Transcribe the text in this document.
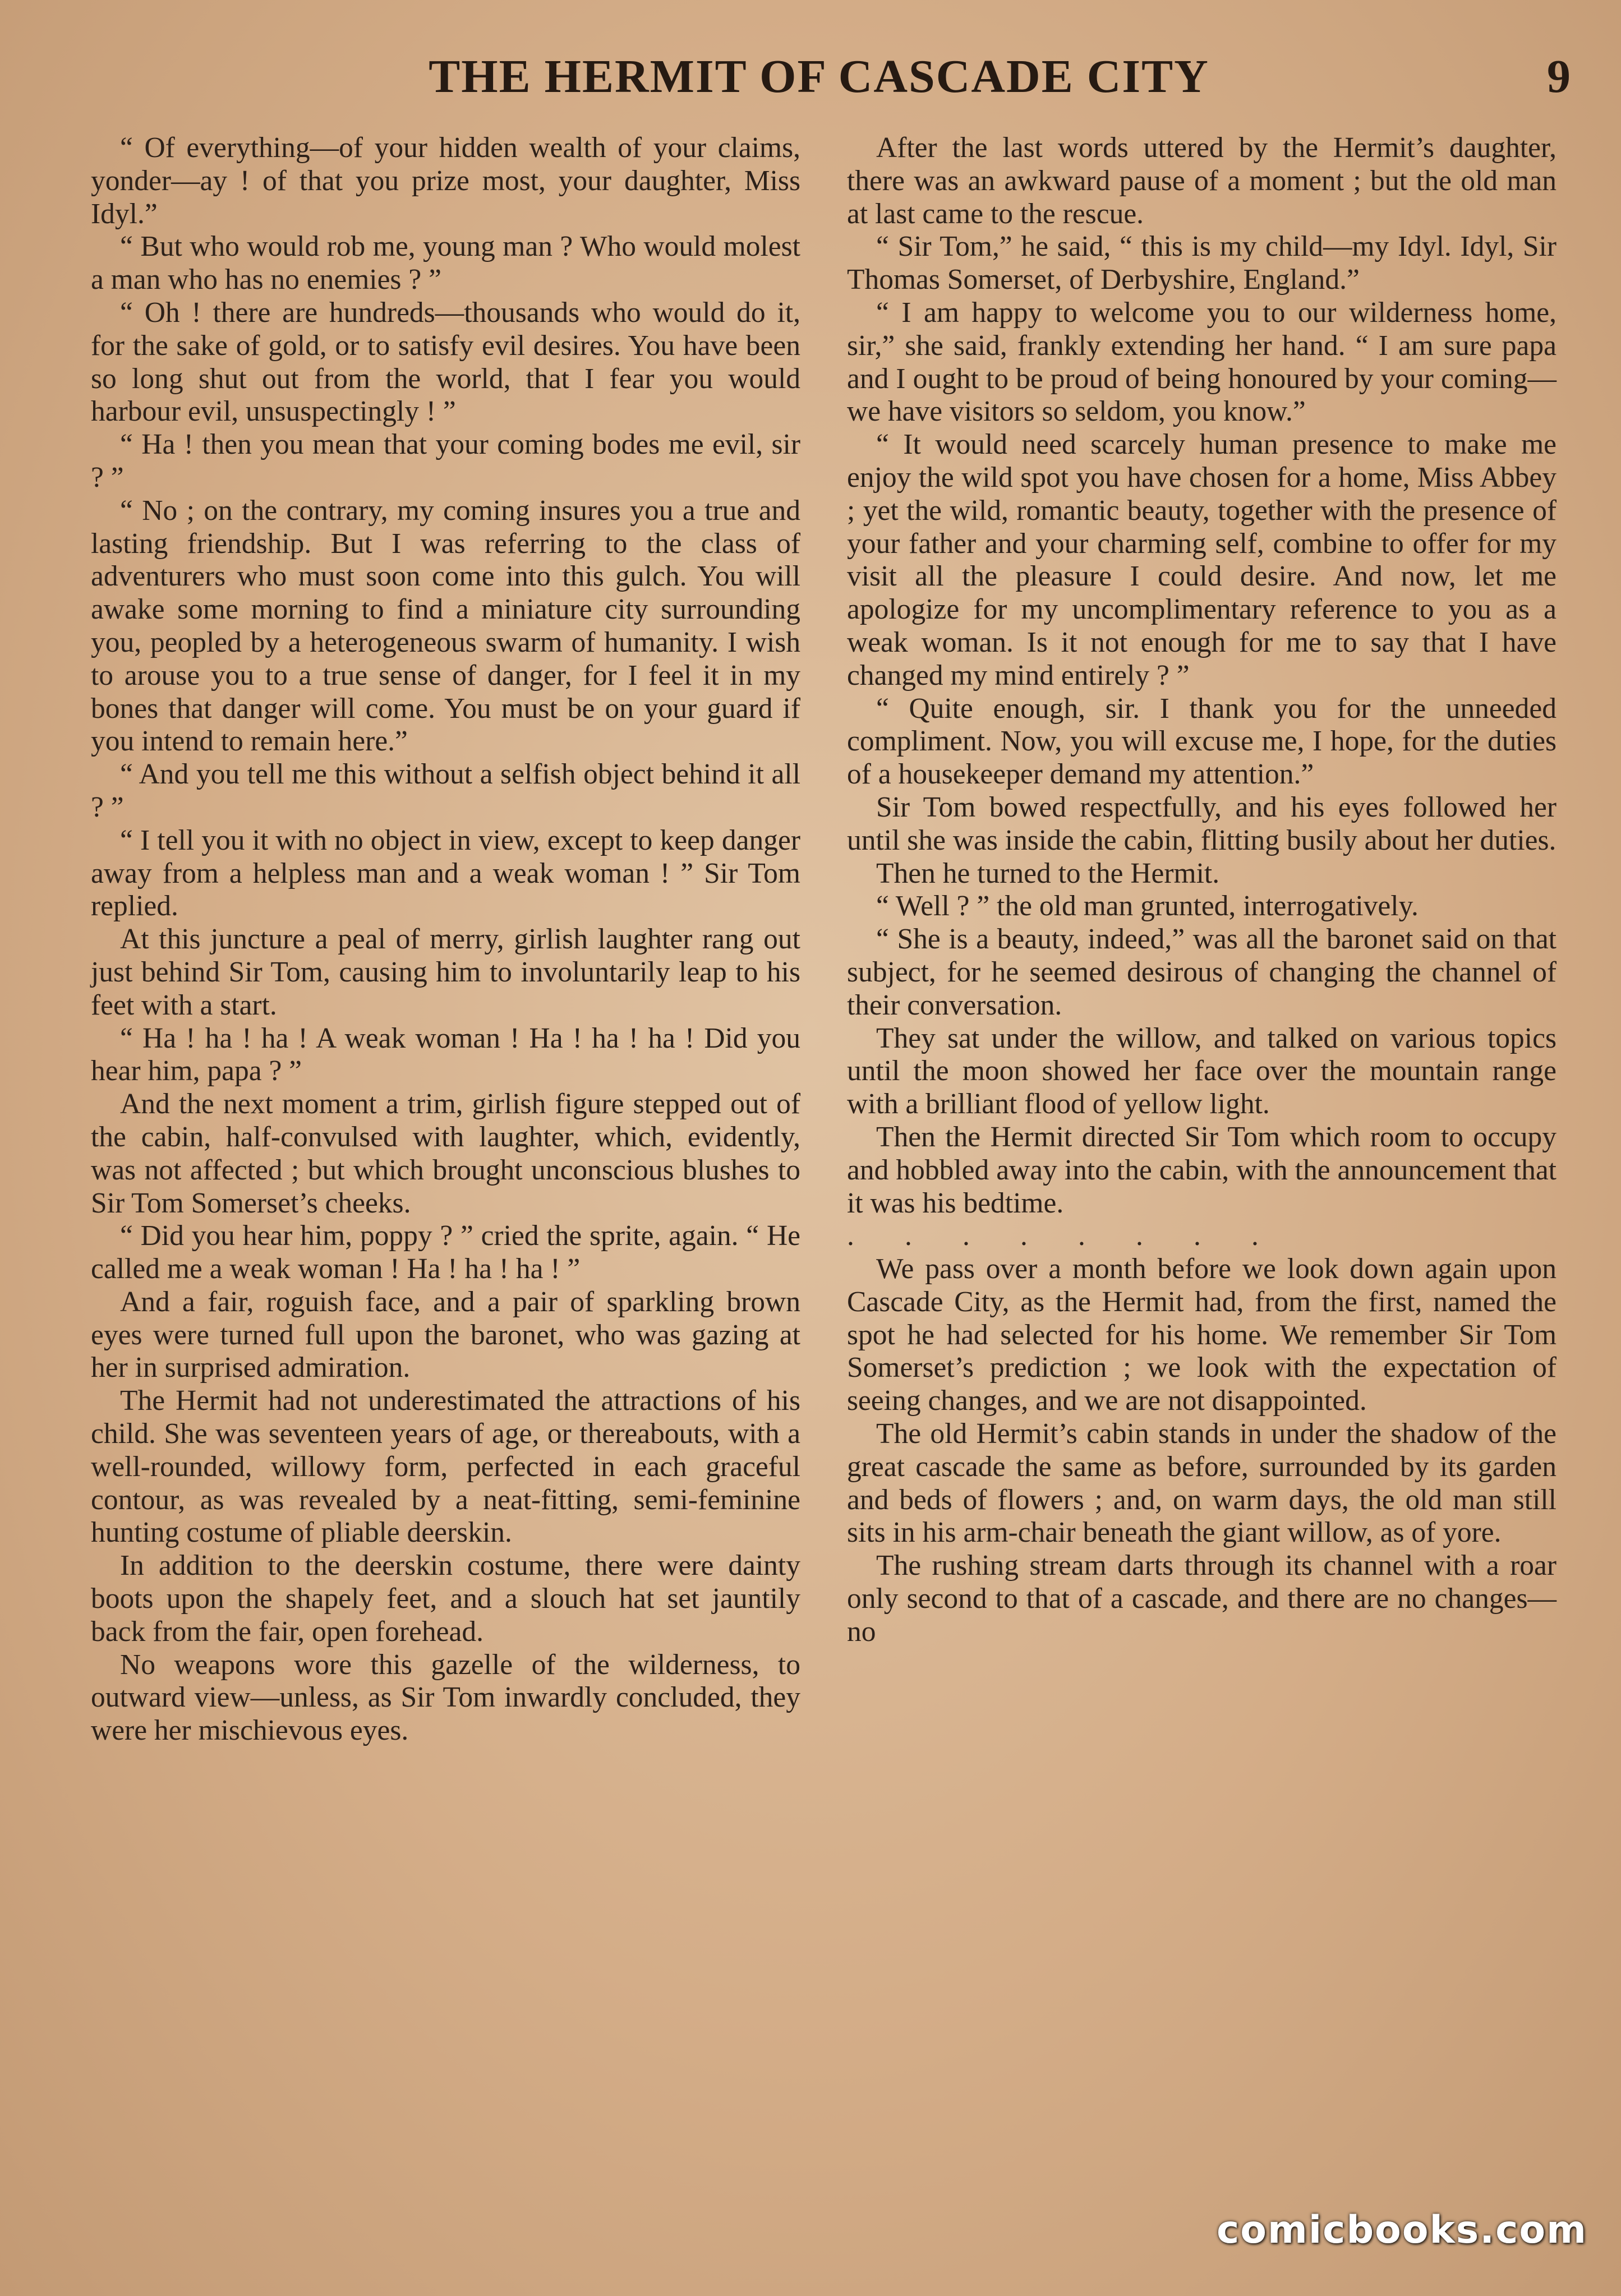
THE HERMIT OF CASCADE CITY	9

“ Of everything—of your hidden wealth of your claims, yonder—ay ! of that you prize most, your daughter, Miss Idyl.”

“ But who would rob me, young man ? Who would molest a man who has no enemies ? ”

“ Oh ! there are hundreds—thousands who would do it, for the sake of gold, or to satisfy evil desires. You have been so long shut out from the world, that I fear you would harbour evil, unsuspectingly ! ”

“ Ha ! then you mean that your coming bodes me evil, sir ? ”

“ No ; on the contrary, my coming insures you a true and lasting friendship. But I was referring to the class of adventurers who must soon come into this gulch. You will awake some morning to find a miniature city surrounding you, peopled by a heterogeneous swarm of humanity. I wish to arouse you to a true sense of danger, for I feel it in my bones that danger will come. You must be on your guard if you intend to remain here.”

“ And you tell me this without a selfish object behind it all ? ”

“ I tell you it with no object in view, except to keep danger away from a helpless man and a weak woman ! ” Sir Tom replied.

At this juncture a peal of merry, girlish laughter rang out just behind Sir Tom, causing him to involuntarily leap to his feet with a start.

“ Ha ! ha ! ha ! A weak woman ! Ha ! ha ! ha ! Did you hear him, papa ? ”

And the next moment a trim, girlish figure stepped out of the cabin, half-convulsed with laughter, which, evidently, was not affected ; but which brought unconscious blushes to Sir Tom Somerset’s cheeks.

“ Did you hear him, poppy ? ” cried the sprite, again. “ He called me a weak woman ! Ha ! ha ! ha ! ”

And a fair, roguish face, and a pair of sparkling brown eyes were turned full upon the baronet, who was gazing at her in surprised admiration.

The Hermit had not underestimated the attractions of his child. She was seventeen years of age, or thereabouts, with a well-rounded, willowy form, perfected in each graceful contour, as was revealed by a neat-fitting, semi-feminine hunting costume of pliable deerskin.

In addition to the deerskin costume, there were dainty boots upon the shapely feet, and a slouch hat set jauntily back from the fair, open forehead.

No weapons wore this gazelle of the wilderness, to outward view—unless, as Sir Tom inwardly concluded, they were her mischievous eyes.

After the last words uttered by the Hermit’s daughter, there was an awkward pause of a moment ; but the old man at last came to the rescue.

“ Sir Tom,” he said, “ this is my child—my Idyl. Idyl, Sir Thomas Somerset, of Derbyshire, England.”

“ I am happy to welcome you to our wilderness home, sir,” she said, frankly extending her hand. “ I am sure papa and I ought to be proud of being honoured by your coming—we have visitors so seldom, you know.”

“ It would need scarcely human presence to make me enjoy the wild spot you have chosen for a home, Miss Abbey ; yet the wild, romantic beauty, together with the presence of your father and your charming self, combine to offer for my visit all the pleasure I could desire. And now, let me apologize for my uncomplimentary reference to you as a weak woman. Is it not enough for me to say that I have changed my mind entirely ? ”

“ Quite enough, sir. I thank you for the unneeded compliment. Now, you will excuse me, I hope, for the duties of a housekeeper demand my attention.”

Sir Tom bowed respectfully, and his eyes followed her until she was inside the cabin, flitting busily about her duties.

Then he turned to the Hermit.

“ Well ? ” the old man grunted, interrogatively.

“ She is a beauty, indeed,” was all the baronet said on that subject, for he seemed desirous of changing the channel of their conversation.

They sat under the willow, and talked on various topics until the moon showed her face over the mountain range with a brilliant flood of yellow light.

Then the Hermit directed Sir Tom which room to occupy and hobbled away into the cabin, with the announcement that it was his bedtime.

.       .       .       .       .       .       .       .

We pass over a month before we look down again upon Cascade City, as the Hermit had, from the first, named the spot he had selected for his home. We remember Sir Tom Somerset’s prediction ; we look with the expectation of seeing changes, and we are not disappointed.

The old Hermit’s cabin stands in under the shadow of the great cascade the same as before, surrounded by its garden and beds of flowers ; and, on warm days, the old man still sits in his arm-chair beneath the giant willow, as of yore.

The rushing stream darts through its channel with a roar only second to that of a cascade, and there are no changes—no

comicbooks.com
